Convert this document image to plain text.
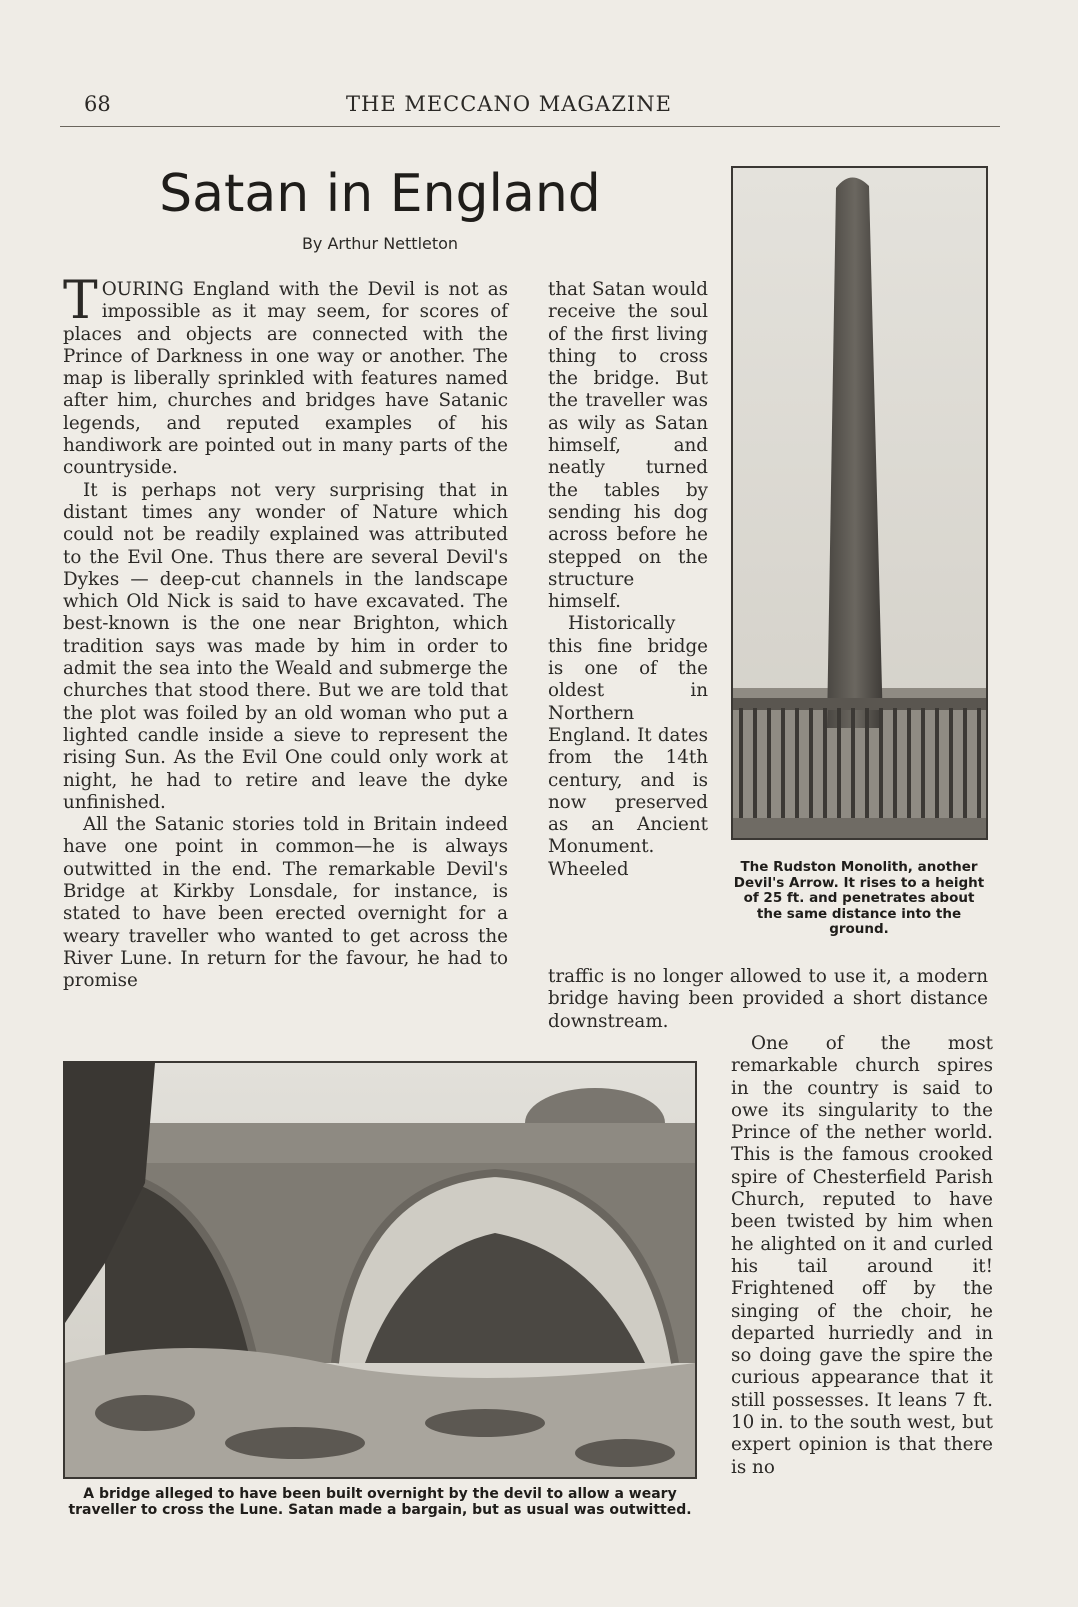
68	THE MECCANO MAGAZINE
Satan in England
By Arthur Nettleton

TOURING England with the Devil is not as impossible as it may seem, for scores of places and objects are connected with the Prince of Darkness in one way or another. The map is liberally sprinkled with features named after him, churches and bridges have Satanic legends, and reputed examples of his handiwork are pointed out in many parts of the countryside.

It is perhaps not very surprising that in distant times any wonder of Nature which could not be readily explained was attributed to the Evil One. Thus there are several Devil's Dykes — deep-cut channels in the landscape which Old Nick is said to have excavated. The best-known is the one near Brighton, which tradition says was made by him in order to admit the sea into the Weald and submerge the churches that stood there. But we are told that the plot was foiled by an old woman who put a lighted candle inside a sieve to represent the rising Sun. As the Evil One could only work at night, he had to retire and leave the dyke unfinished.

All the Satanic stories told in Britain indeed have one point in common—he is always outwitted in the end. The remarkable Devil's Bridge at Kirkby Lonsdale, for instance, is stated to have been erected overnight for a weary traveller who wanted to get across the River Lune. In return for the favour, he had to promise

that Satan would receive the soul of the first living thing to cross the bridge. But the traveller was as wily as Satan himself, and neatly turned the tables by sending his dog across before he stepped on the structure himself.

Historically this fine bridge is one of the oldest in Northern England. It dates from the 14th century, and is now preserved as an Ancient Monument. Wheeled

traffic is no longer allowed to use it, a modern bridge having been provided a short distance downstream.

One of the most remarkable church spires in the country is said to owe its singularity to the Prince of the nether world. This is the famous crooked spire of Chesterfield Parish Church, reputed to have been twisted by him when he alighted on it and curled his tail around it! Frightened off by the singing of the choir, he departed hurriedly and in so doing gave the spire the curious appearance that it still possesses. It leans 7 ft. 10 in. to the south west, but expert opinion is that there is no

The Rudston Monolith, another Devil's Arrow. It rises to a height of 25 ft. and penetrates about the same distance into the ground.
A bridge alleged to have been built overnight by the devil to allow a weary traveller to cross the Lune. Satan made a bargain, but as usual was outwitted.
